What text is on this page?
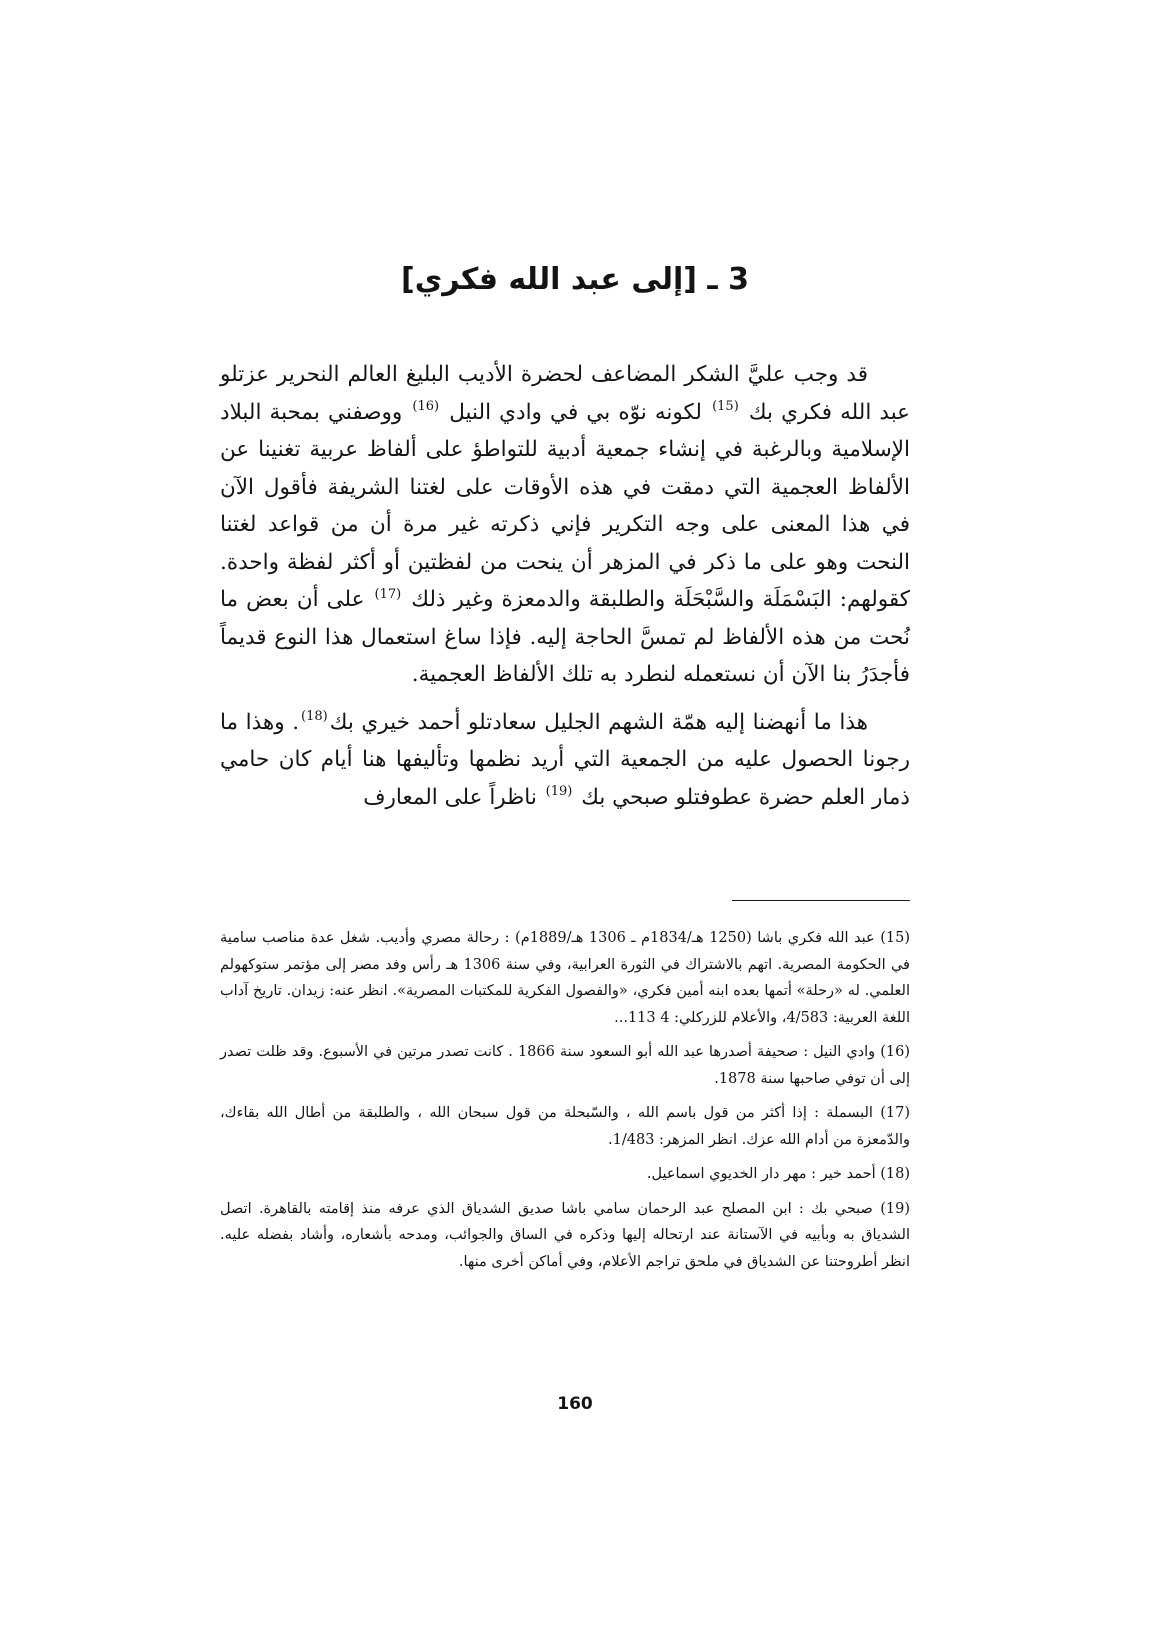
3 ـ [إلى عبد الله فكري]

قد وجب عليَّ الشكر المضاعف لحضرة الأديب البليغ العالم النحرير عزتلو عبد الله فكري بك $^{(15)}$ لكونه نوّه بي في وادي النيل $^{(16)}$ ووصفني بمحبة البلاد الإسلامية وبالرغبة في إنشاء جمعية أدبية للتواطؤ على ألفاظ عربية تغنينا عن الألفاظ العجمية التي دمقت في هذه الأوقات على لغتنا الشريفة فأقول الآن في هذا المعنى على وجه التكرير فإني ذكرته غير مرة أن من قواعد لغتنا النحت وهو على ما ذكر في المزهر أن ينحت من لفظتين أو أكثر لفظة واحدة. كقولهم: البَسْمَلَة والسَّبْحَلَة والطلبقة والدمعزة وغير ذلك $^{(17)}$ على أن بعض ما نُحت من هذه الألفاظ لم تمسَّ الحاجة إليه. فإذا ساغ استعمال هذا النوع قديماً فأجدَرُ بنا الآن أن نستعمله لنطرد به تلك الألفاظ العجمية.

هذا ما أنهضنا إليه همّة الشهم الجليل سعادتلو أحمد خيري بك$^{(18)}$. وهذا ما رجونا الحصول عليه من الجمعية التي أريد نظمها وتأليفها هنا أيام كان حامي ذمار العلم حضرة عطوفتلو صبحي بك $^{(19)}$ ناظراً على المعارف

(15) عبد الله فكري باشا (1250 هـ/1834م ـ 1306 هـ/1889م) : رحالة مصري وأديب. شغل عدة مناصب سامية في الحكومة المصرية. اتهم بالاشتراك في الثورة العرابية، وفي سنة 1306 هـ رأس وفد مصر إلى مؤتمر ستوكهولم العلمي. له «رحلة» أتمها بعده ابنه أمين فكري، «والفصول الفكرية للمكتبات المصرية». انظر عنه: زيدان. تاريخ آداب اللغة العربية: 4/583، والأعلام للزركلي: 4 113...

(16) وادي النيل : صحيفة أصدرها عبد الله أبو السعود سنة 1866 . كانت تصدر مرتين في الأسبوع. وقد ظلت تصدر إلى أن توفي صاحبها سنة 1878.

(17) البسملة : إذا أكثر من قول باسم الله ، والسّبحلة من قول سبحان الله ، والطلبقة من أطال الله بقاءك، والدّمعزة من أدام الله عزك. انظر المزهر: 1/483.

(18) أحمد خير : مهر دار الخديوي اسماعيل.

(19) صبحي بك : ابن المصلح عبد الرحمان سامي باشا صديق الشدياق الذي عرفه منذ إقامته بالقاهرة. اتصل الشدياق به وبأبيه في الآستانة عند ارتحاله إليها وذكره في الساق والجوائب، ومدحه بأشعاره، وأشاد بفضله عليه. انظر أطروحتنا عن الشدياق في ملحق تراجم الأعلام، وفي أماكن أخرى منها.

160
